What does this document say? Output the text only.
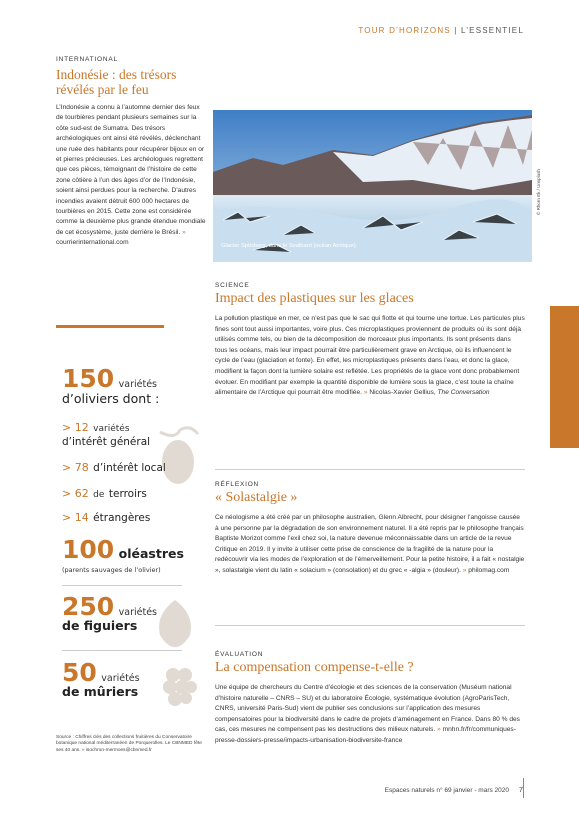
TOUR D’HORIZONS | L’ESSENTIEL
INTERNATIONAL
Indonésie : des trésors révélés par le feu
L’Indonésie a connu à l’automne dernier des feux de tourbières pendant plusieurs semaines sur la côte sud-est de Sumatra. Des trésors archéologiques ont ainsi été révélés, déclenchant une ruée des habitants pour récupérer bijoux en or et pierres précieuses. Les archéologues regrettent que ces pièces, témoignant de l’histoire de cette zone côtière à l’un des âges d’or de l’Indonésie, soient ainsi perdues pour la recherche. D’autres incendies avaient détruit 600 000 hectares de tourbières en 2015. Cette zone est considérée comme la deuxième plus grande étendue mondiale de cet écosystème, juste derrière le Brésil. » courrierinternational.com
150 variétés
d’oliviers dont :
> 12 variétés
d’intérêt général
> 78 d’intérêt local
> 62 de terroirs
> 14 étrangères
100 oléastres
(parents sauvages de l’olivier)
250 variétés
de figuiers
50 variétés
de mûriers
Source : Chiffres clés des collections fruitières du Conservatoire botanique national méditerranéen de Porquerolles. Le CBNMED fête ses 40 ans. » isochron-mermoes@cbnmed.fr
Glacier Spitsberg, dans le Svalbard (océan Arctique).
© Rhorn Ek / Unsplash
SCIENCE
Impact des plastiques sur les glaces
La pollution plastique en mer, ce n’est pas que le sac qui flotte et qui tourne une tortue. Les particules plus fines sont tout aussi importantes, voire plus. Ces microplastiques proviennent de produits où ils sont déjà utilisés comme tels, ou bien de la décomposition de morceaux plus importants. Ils sont présents dans tous les océans, mais leur impact pourrait être particulièrement grave en Arctique, où ils influencent le cycle de l’eau (glaciation et fonte). En effet, les microplastiques présents dans l’eau, et donc la glace, modifient la façon dont la lumière solaire est reflétée. Les propriétés de la glace vont donc probablement évoluer. En modifiant par exemple la quantité disponible de lumière sous la glace, c’est toute la chaîne alimentaire de l’Arctique qui pourrait être modifiée. » Nicolas-Xavier Gellius, The Conversation
RÉFLEXION
« Solastalgie »
Ce néologisme a été créé par un philosophe australien, Glenn Albrecht, pour désigner l’angoisse causée à une personne par la dégradation de son environnement naturel. Il a été repris par le philosophe français Baptiste Morizot comme l’exil chez soi, la nature devenue méconnaissable dans un article de la revue Critique en 2019. Il y invite à utiliser cette prise de conscience de la fragilité de la nature pour la redécouvrir via les modes de l’exploration et de l’émerveillement. Pour la petite histoire, il a fait « nostalgie », solastalgie vient du latin « solacium » (consolation) et du grec « -algia » (douleur). » philomag.com
ÉVALUATION
La compensation compense-t-elle ?
Une équipe de chercheurs du Centre d’écologie et des sciences de la conservation (Muséum national d’histoire naturelle – CNRS – SU) et du laboratoire Écologie, systématique évolution (AgroParisTech, CNRS, université Paris-Sud) vient de publier ses conclusions sur l’application des mesures compensatoires pour la biodiversité dans le cadre de projets d’aménagement en France. Dans 80 % des cas, ces mesures ne compensent pas les destructions des milieux naturels. » mnhn.fr/fr/communiques-presse-dossiers-presse/impacts-urbanisation-biodiversite-france
Espaces naturels n° 69 janvier - mars 2020 7
